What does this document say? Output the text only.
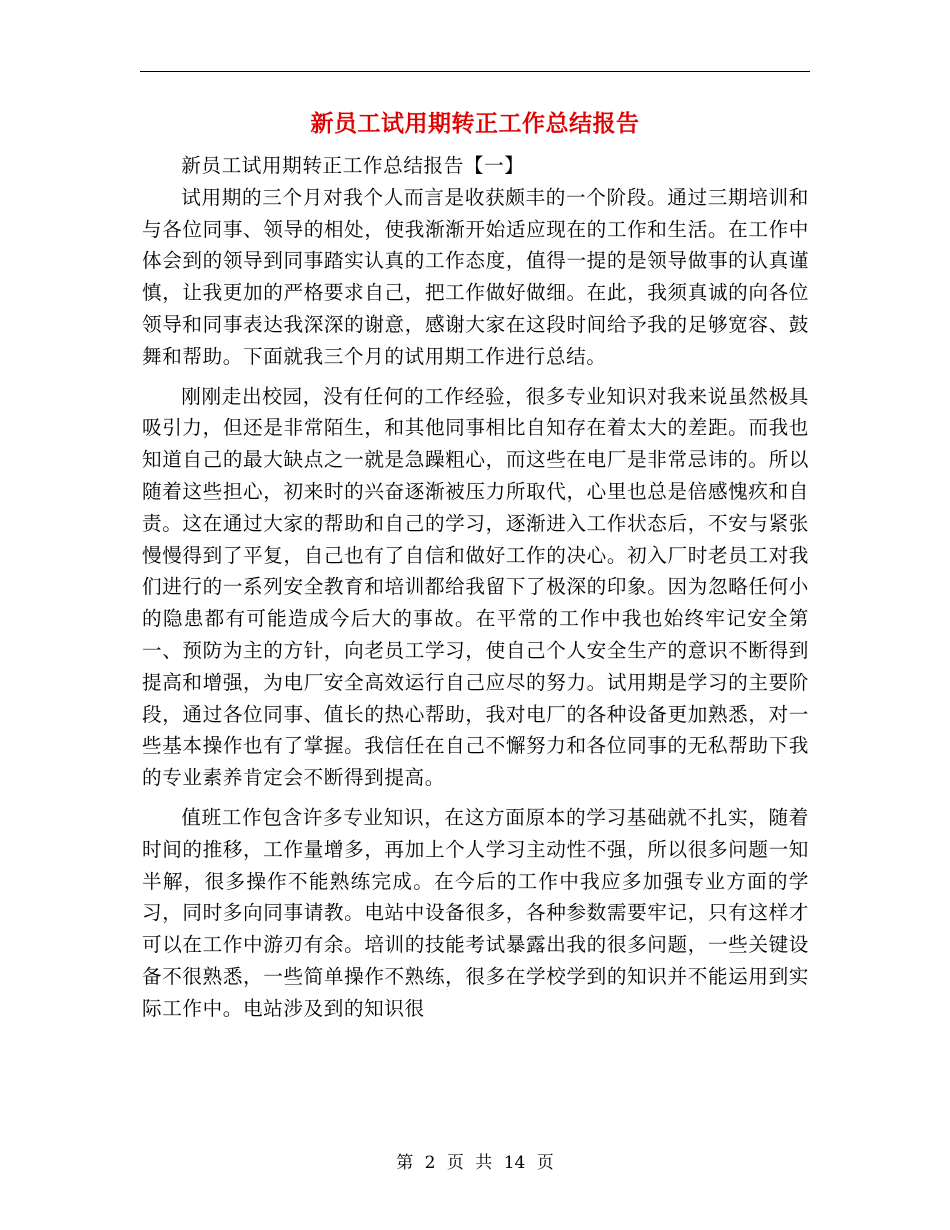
新员工试用期转正工作总结报告

新员工试用期转正工作总结报告【一】

试用期的三个月对我个人而言是收获颇丰的一个阶段。通过三期培训和与各位同事、领导的相处，使我渐渐开始适应现在的工作和生活。在工作中体会到的领导到同事踏实认真的工作态度，值得一提的是领导做事的认真谨慎，让我更加的严格要求自己，把工作做好做细。在此，我须真诚的向各位领导和同事表达我深深的谢意，感谢大家在这段时间给予我的足够宽容、鼓舞和帮助。下面就我三个月的试用期工作进行总结。

刚刚走出校园，没有任何的工作经验，很多专业知识对我来说虽然极具吸引力，但还是非常陌生，和其他同事相比自知存在着太大的差距。而我也知道自己的最大缺点之一就是急躁粗心，而这些在电厂是非常忌讳的。所以随着这些担心，初来时的兴奋逐渐被压力所取代，心里也总是倍感愧疚和自责。这在通过大家的帮助和自己的学习，逐渐进入工作状态后，不安与紧张慢慢得到了平复，自己也有了自信和做好工作的决心。初入厂时老员工对我们进行的一系列安全教育和培训都给我留下了极深的印象。因为忽略任何小的隐患都有可能造成今后大的事故。在平常的工作中我也始终牢记安全第一、预防为主的方针，向老员工学习，使自己个人安全生产的意识不断得到提高和增强，为电厂安全高效运行自己应尽的努力。试用期是学习的主要阶段，通过各位同事、值长的热心帮助，我对电厂的各种设备更加熟悉，对一些基本操作也有了掌握。我信任在自己不懈努力和各位同事的无私帮助下我的专业素养肯定会不断得到提高。

值班工作包含许多专业知识，在这方面原本的学习基础就不扎实，随着时间的推移，工作量增多，再加上个人学习主动性不强，所以很多问题一知半解，很多操作不能熟练完成。在今后的工作中我应多加强专业方面的学习，同时多向同事请教。电站中设备很多，各种参数需要牢记，只有这样才可以在工作中游刃有余。培训的技能考试暴露出我的很多问题，一些关键设备不很熟悉，一些简单操作不熟练，很多在学校学到的知识并不能运用到实际工作中。电站涉及到的知识很

第 2 页 共 14 页
